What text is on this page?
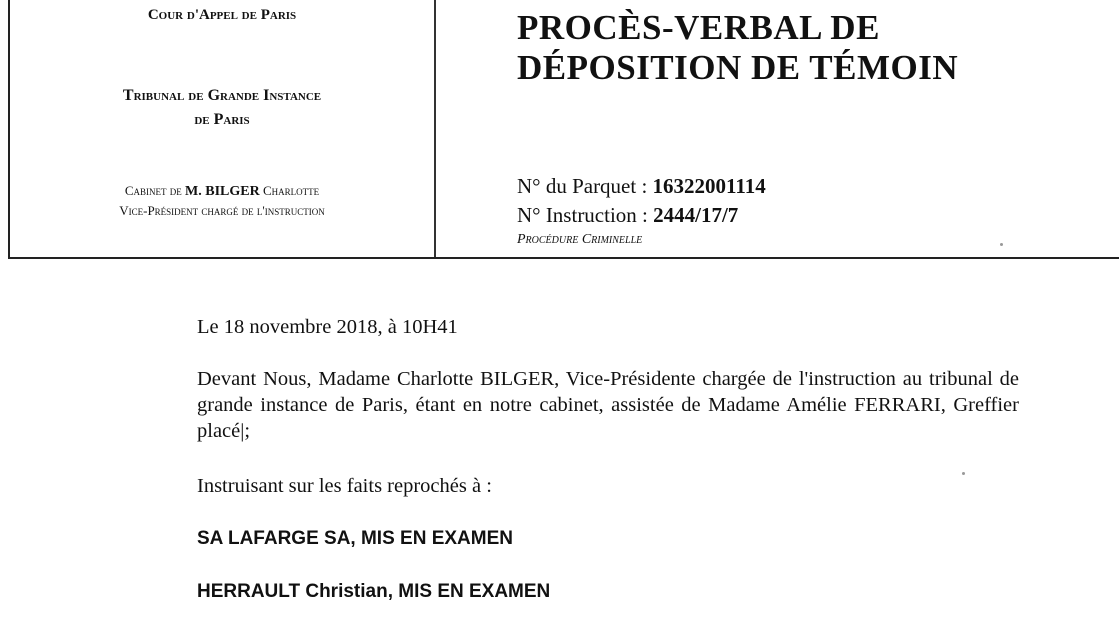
Cour d'Appel de Paris
Tribunal de Grande Instance
de Paris
Cabinet de M. BILGER Charlotte
Vice-Président chargé de l'instruction
PROCÈS-VERBAL DE
DÉPOSITION DE TÉMOIN
N° du Parquet : 16322001114
N° Instruction : 2444/17/7
Procédure Criminelle
Le 18 novembre 2018, à 10H41
Devant Nous, Madame Charlotte BILGER, Vice-Présidente chargée de l'instruction au tribunal de grande instance de Paris, étant en notre cabinet, assistée de Madame Amélie FERRARI, Greffier placé|;
Instruisant sur les faits reprochés à :
SA LAFARGE SA, MIS EN EXAMEN
HERRAULT Christian, MIS EN EXAMEN
